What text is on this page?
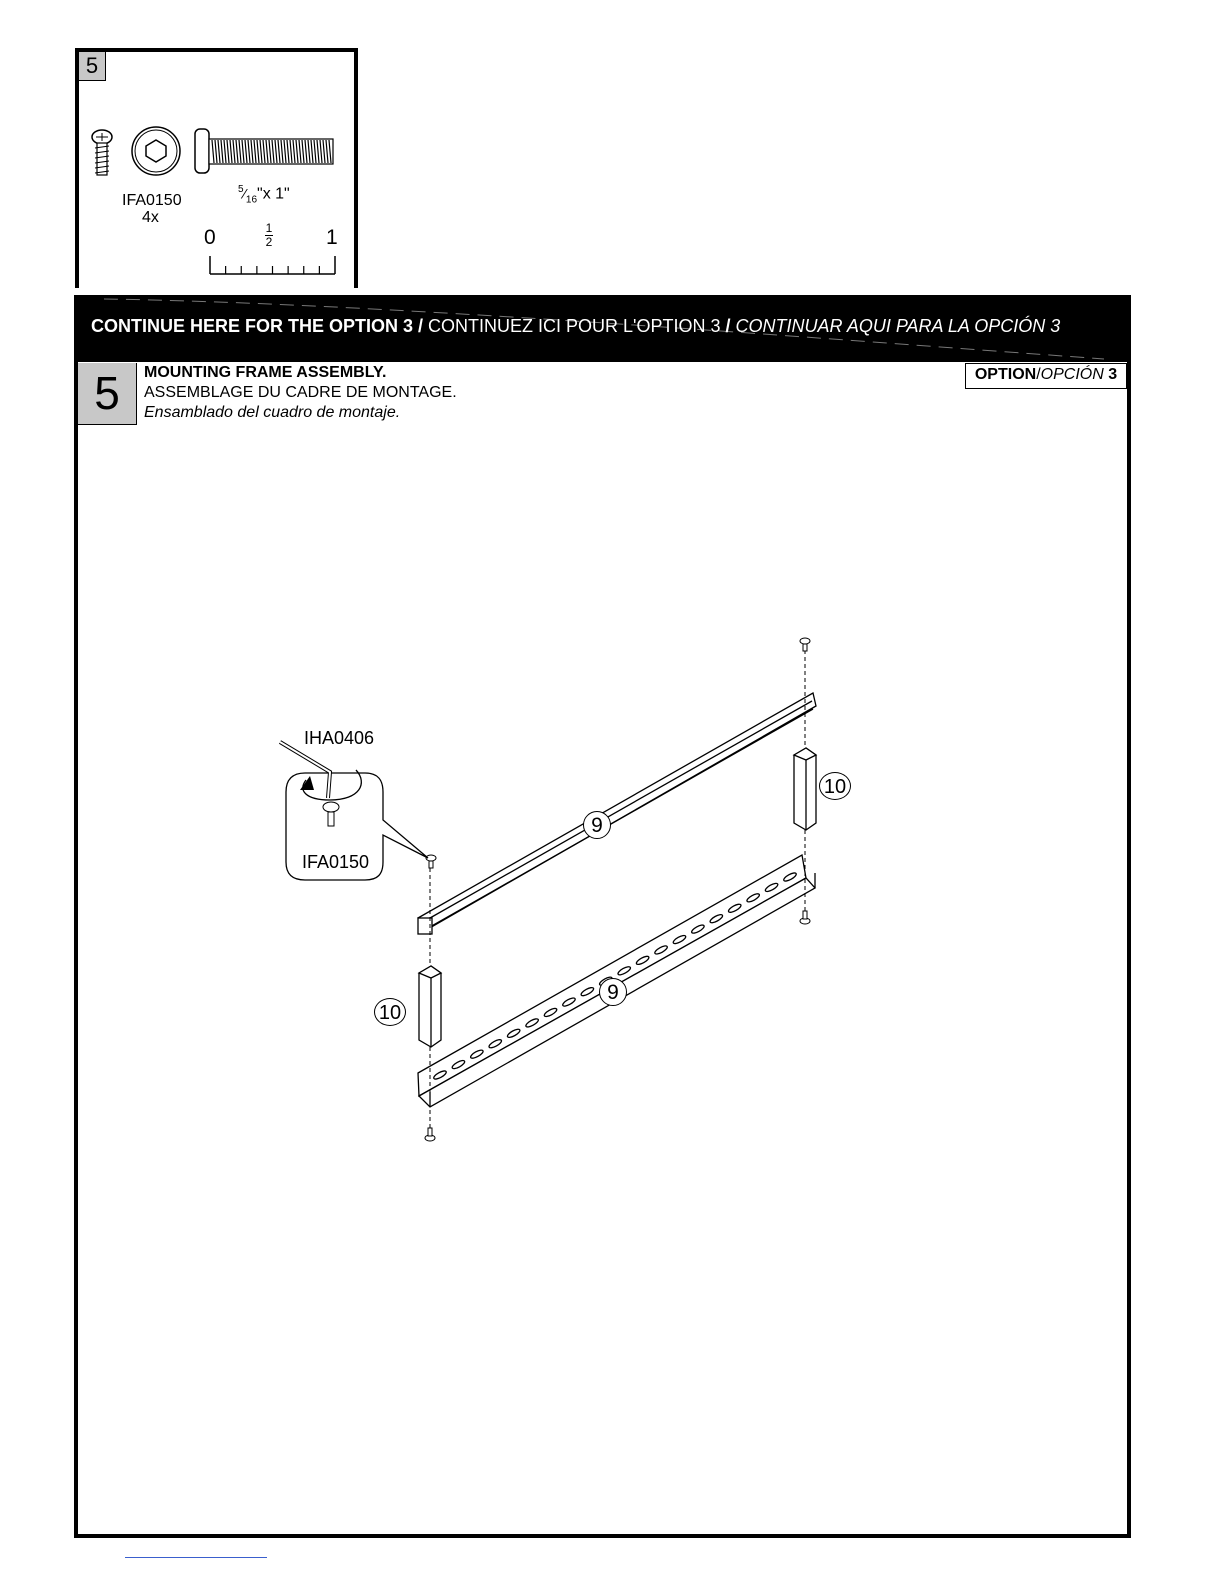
5
IFA0150
4x
$^5⁄_{16}"x$ 1"
0	1
2	1
CONTINUE HERE FOR THE OPTION 3 / CONTINUEZ ICI POUR L'OPTION 3 / CONTINUAR AQUI PARA LA OPCIÓN 3
5	MOUNTING FRAME ASSEMBLY.
ASSEMBLAGE DU CADRE DE MONTAGE.
Ensamblado del cuadro de montaje.
OPTION/OPCIÓN 3
IHA0406
IFA0150
9
9
10
10
